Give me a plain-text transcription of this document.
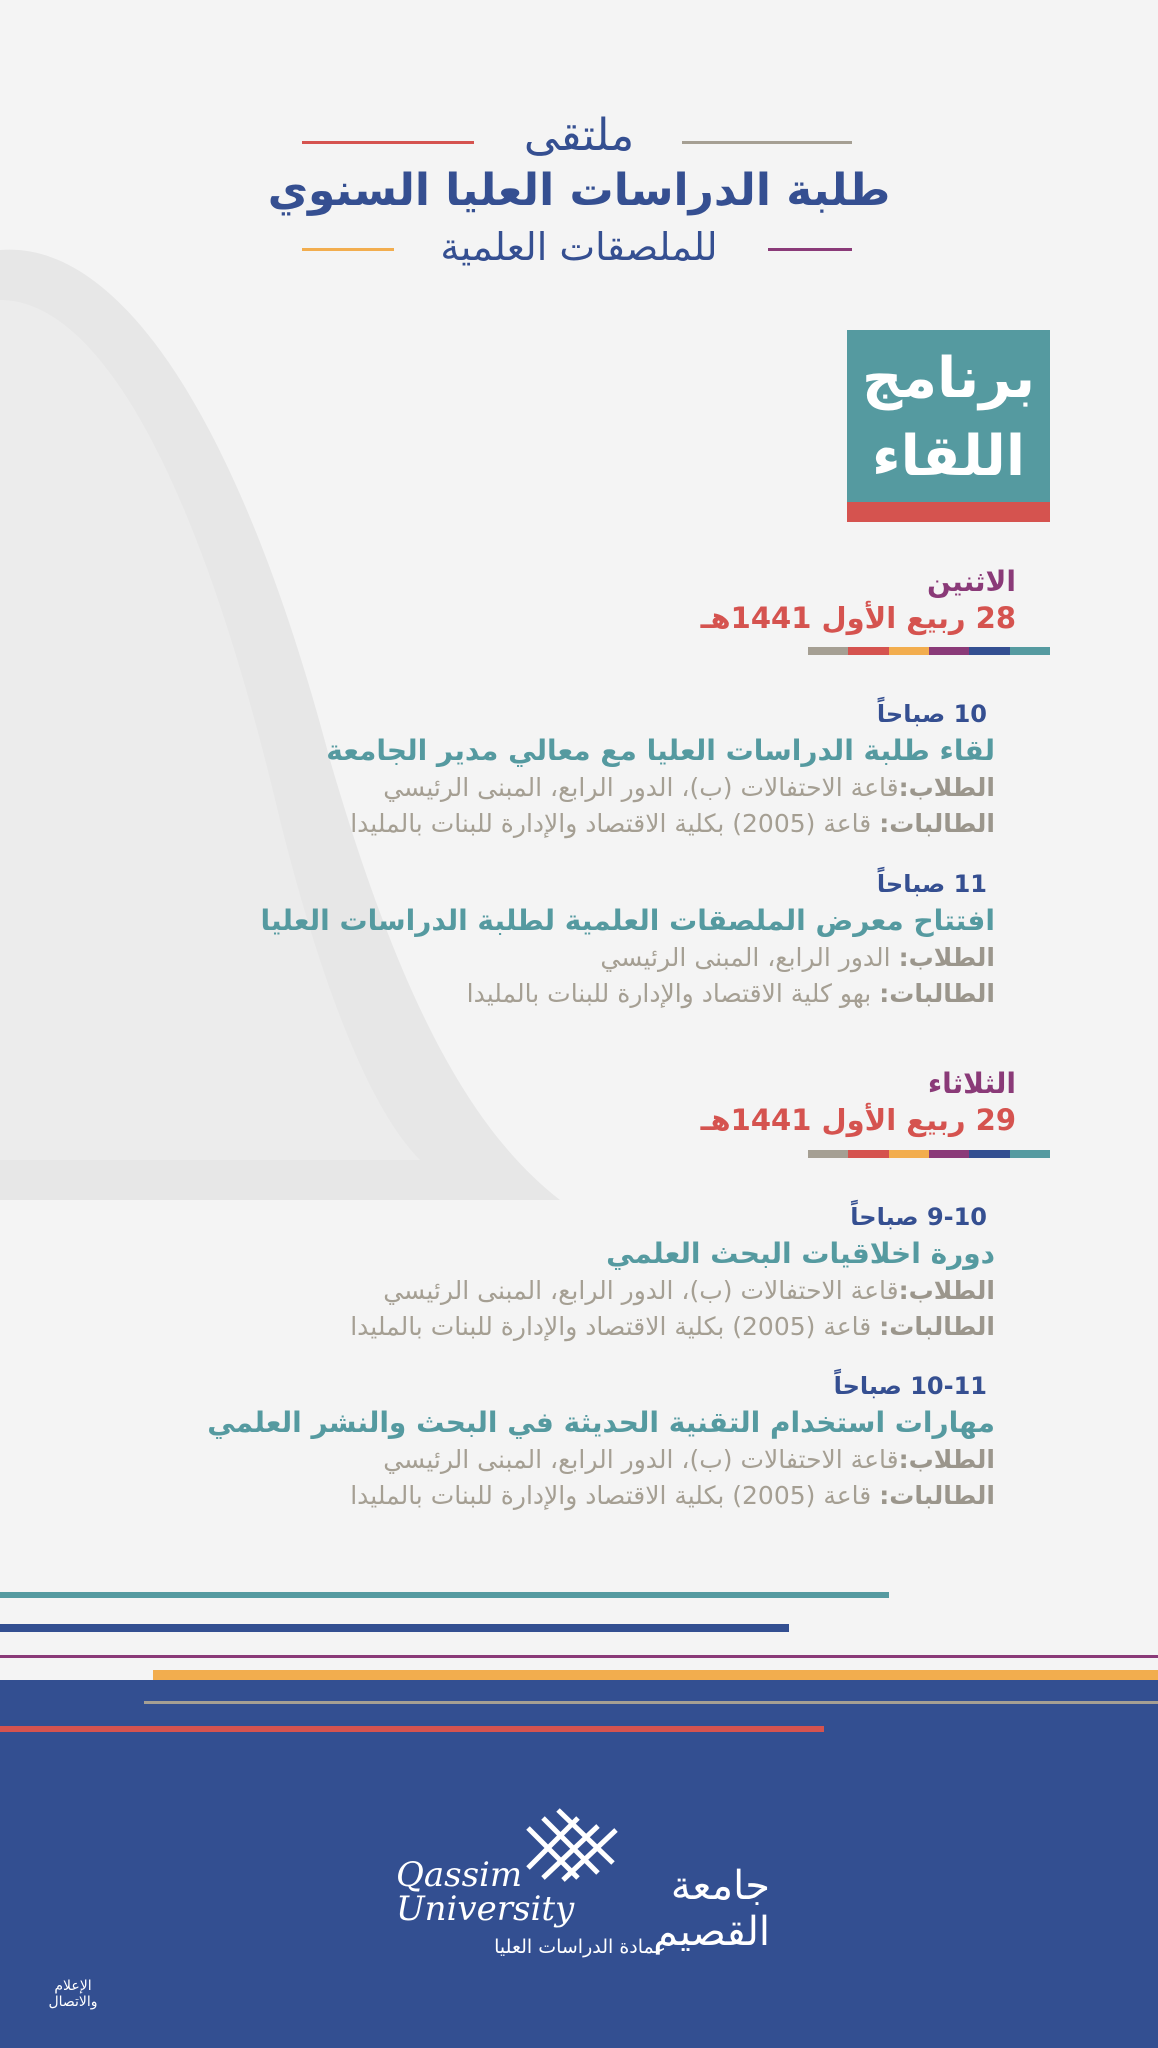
ملتقى
طلبة الدراسات العليا السنوي
للملصقات العلمية
برنامج
اللقاء
الاثنين
28 ربيع الأول 1441هـ
10 صباحاً
لقاء طلبة الدراسات العليا مع معالي مدير الجامعة
الطلاب:قاعة الاحتفالات (ب)، الدور الرابع، المبنى الرئيسي
الطالبات: قاعة (2005) بكلية الاقتصاد والإدارة للبنات بالمليدا
11 صباحاً
افتتاح معرض الملصقات العلمية لطلبة الدراسات العليا
الطلاب: الدور الرابع، المبنى الرئيسي
الطالبات: بهو كلية الاقتصاد والإدارة للبنات بالمليدا
الثلاثاء
29 ربيع الأول 1441هـ
9-10 صباحاً
دورة اخلاقيات البحث العلمي
الطلاب:قاعة الاحتفالات (ب)، الدور الرابع، المبنى الرئيسي
الطالبات: قاعة (2005) بكلية الاقتصاد والإدارة للبنات بالمليدا
10-11 صباحاً
مهارات استخدام التقنية الحديثة في البحث والنشر العلمي
الطلاب:قاعة الاحتفالات (ب)، الدور الرابع، المبنى الرئيسي
الطالبات: قاعة (2005) بكلية الاقتصاد والإدارة للبنات بالمليدا
Qassim
University	جامعة القصيم
عمادة الدراسات العليا
الإعلام
والاتصال
